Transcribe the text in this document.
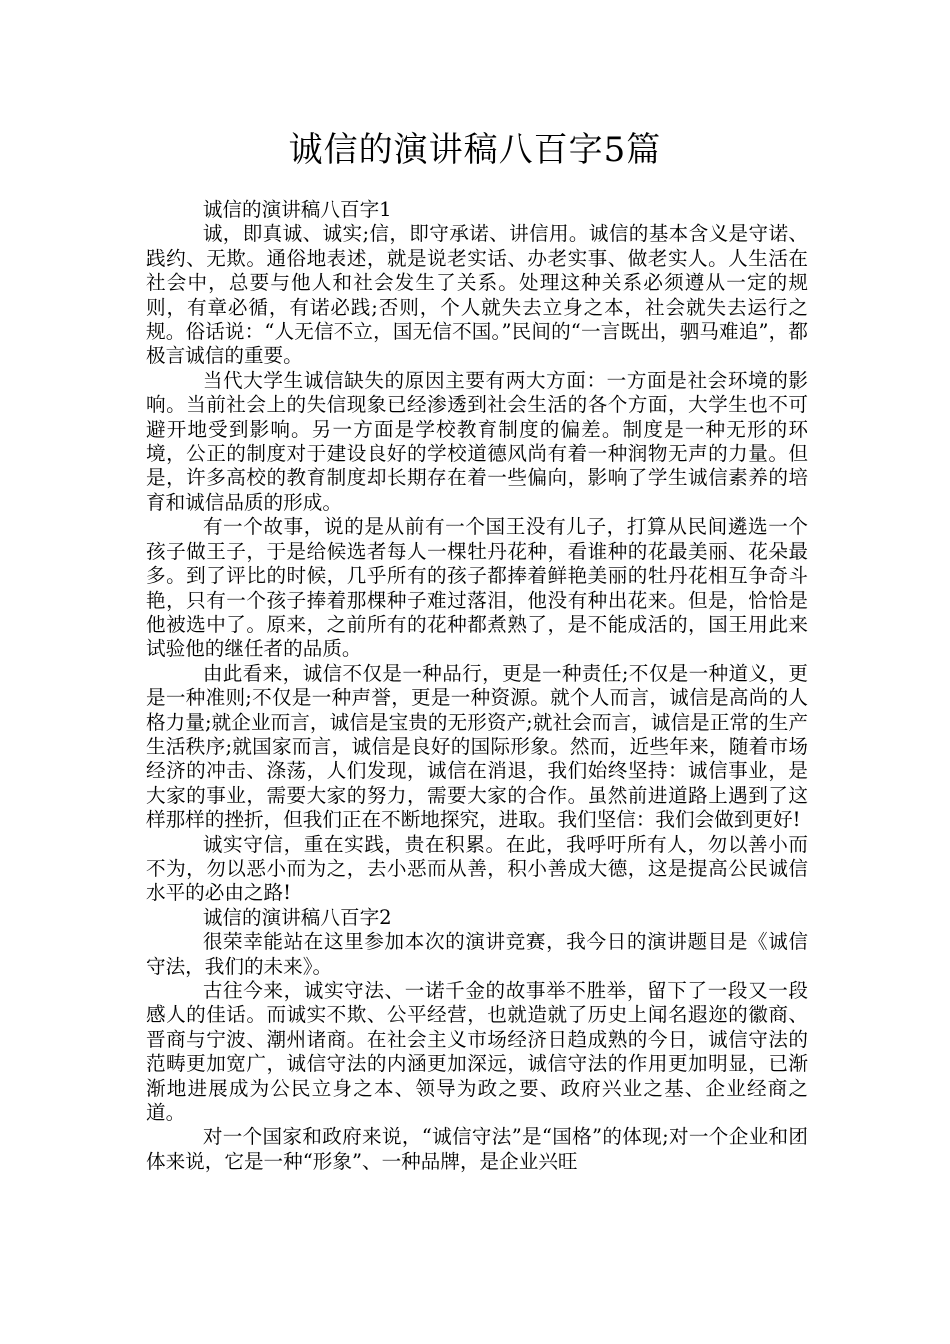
诚信的演讲稿八百字5篇

诚信的演讲稿八百字1

诚，即真诚、诚实;信，即守承诺、讲信用。诚信的基本含义是守诺、践约、无欺。通俗地表述，就是说老实话、办老实事、做老实人。人生活在社会中，总要与他人和社会发生了关系。处理这种关系必须遵从一定的规则，有章必循，有诺必践;否则，个人就失去立身之本，社会就失去运行之规。俗话说：“人无信不立，国无信不国。”民间的“一言既出，驷马难追”，都极言诚信的重要。

当代大学生诚信缺失的原因主要有两大方面：一方面是社会环境的影响。当前社会上的失信现象已经渗透到社会生活的各个方面，大学生也不可避开地受到影响。另一方面是学校教育制度的偏差。制度是一种无形的环境，公正的制度对于建设良好的学校道德风尚有着一种润物无声的力量。但是，许多高校的教育制度却长期存在着一些偏向，影响了学生诚信素养的培育和诚信品质的形成。

有一个故事，说的是从前有一个国王没有儿子，打算从民间遴选一个孩子做王子，于是给候选者每人一棵牡丹花种，看谁种的花最美丽、花朵最多。到了评比的时候，几乎所有的孩子都捧着鲜艳美丽的牡丹花相互争奇斗艳，只有一个孩子捧着那棵种子难过落泪，他没有种出花来。但是，恰恰是他被选中了。原来，之前所有的花种都煮熟了，是不能成活的，国王用此来试验他的继任者的品质。

由此看来，诚信不仅是一种品行，更是一种责任;不仅是一种道义，更是一种准则;不仅是一种声誉，更是一种资源。就个人而言，诚信是高尚的人格力量;就企业而言，诚信是宝贵的无形资产;就社会而言，诚信是正常的生产生活秩序;就国家而言，诚信是良好的国际形象。然而，近些年来，随着市场经济的冲击、涤荡，人们发现，诚信在消退，我们始终坚持：诚信事业，是大家的事业，需要大家的努力，需要大家的合作。虽然前进道路上遇到了这样那样的挫折，但我们正在不断地探究，进取。我们坚信：我们会做到更好!

诚实守信，重在实践，贵在积累。在此，我呼吁所有人，勿以善小而不为，勿以恶小而为之，去小恶而从善，积小善成大德，这是提高公民诚信水平的必由之路!

诚信的演讲稿八百字2

很荣幸能站在这里参加本次的演讲竞赛，我今日的演讲题目是《诚信守法，我们的未来》。

古往今来，诚实守法、一诺千金的故事举不胜举，留下了一段又一段感人的佳话。而诚实不欺、公平经营，也就造就了历史上闻名遐迩的徽商、晋商与宁波、潮州诸商。在社会主义市场经济日趋成熟的今日，诚信守法的范畴更加宽广，诚信守法的内涵更加深远，诚信守法的作用更加明显，已渐渐地进展成为公民立身之本、领导为政之要、政府兴业之基、企业经商之道。

对一个国家和政府来说，“诚信守法”是“国格”的体现;对一个企业和团体来说，它是一种“形象”、一种品牌，是企业兴旺
